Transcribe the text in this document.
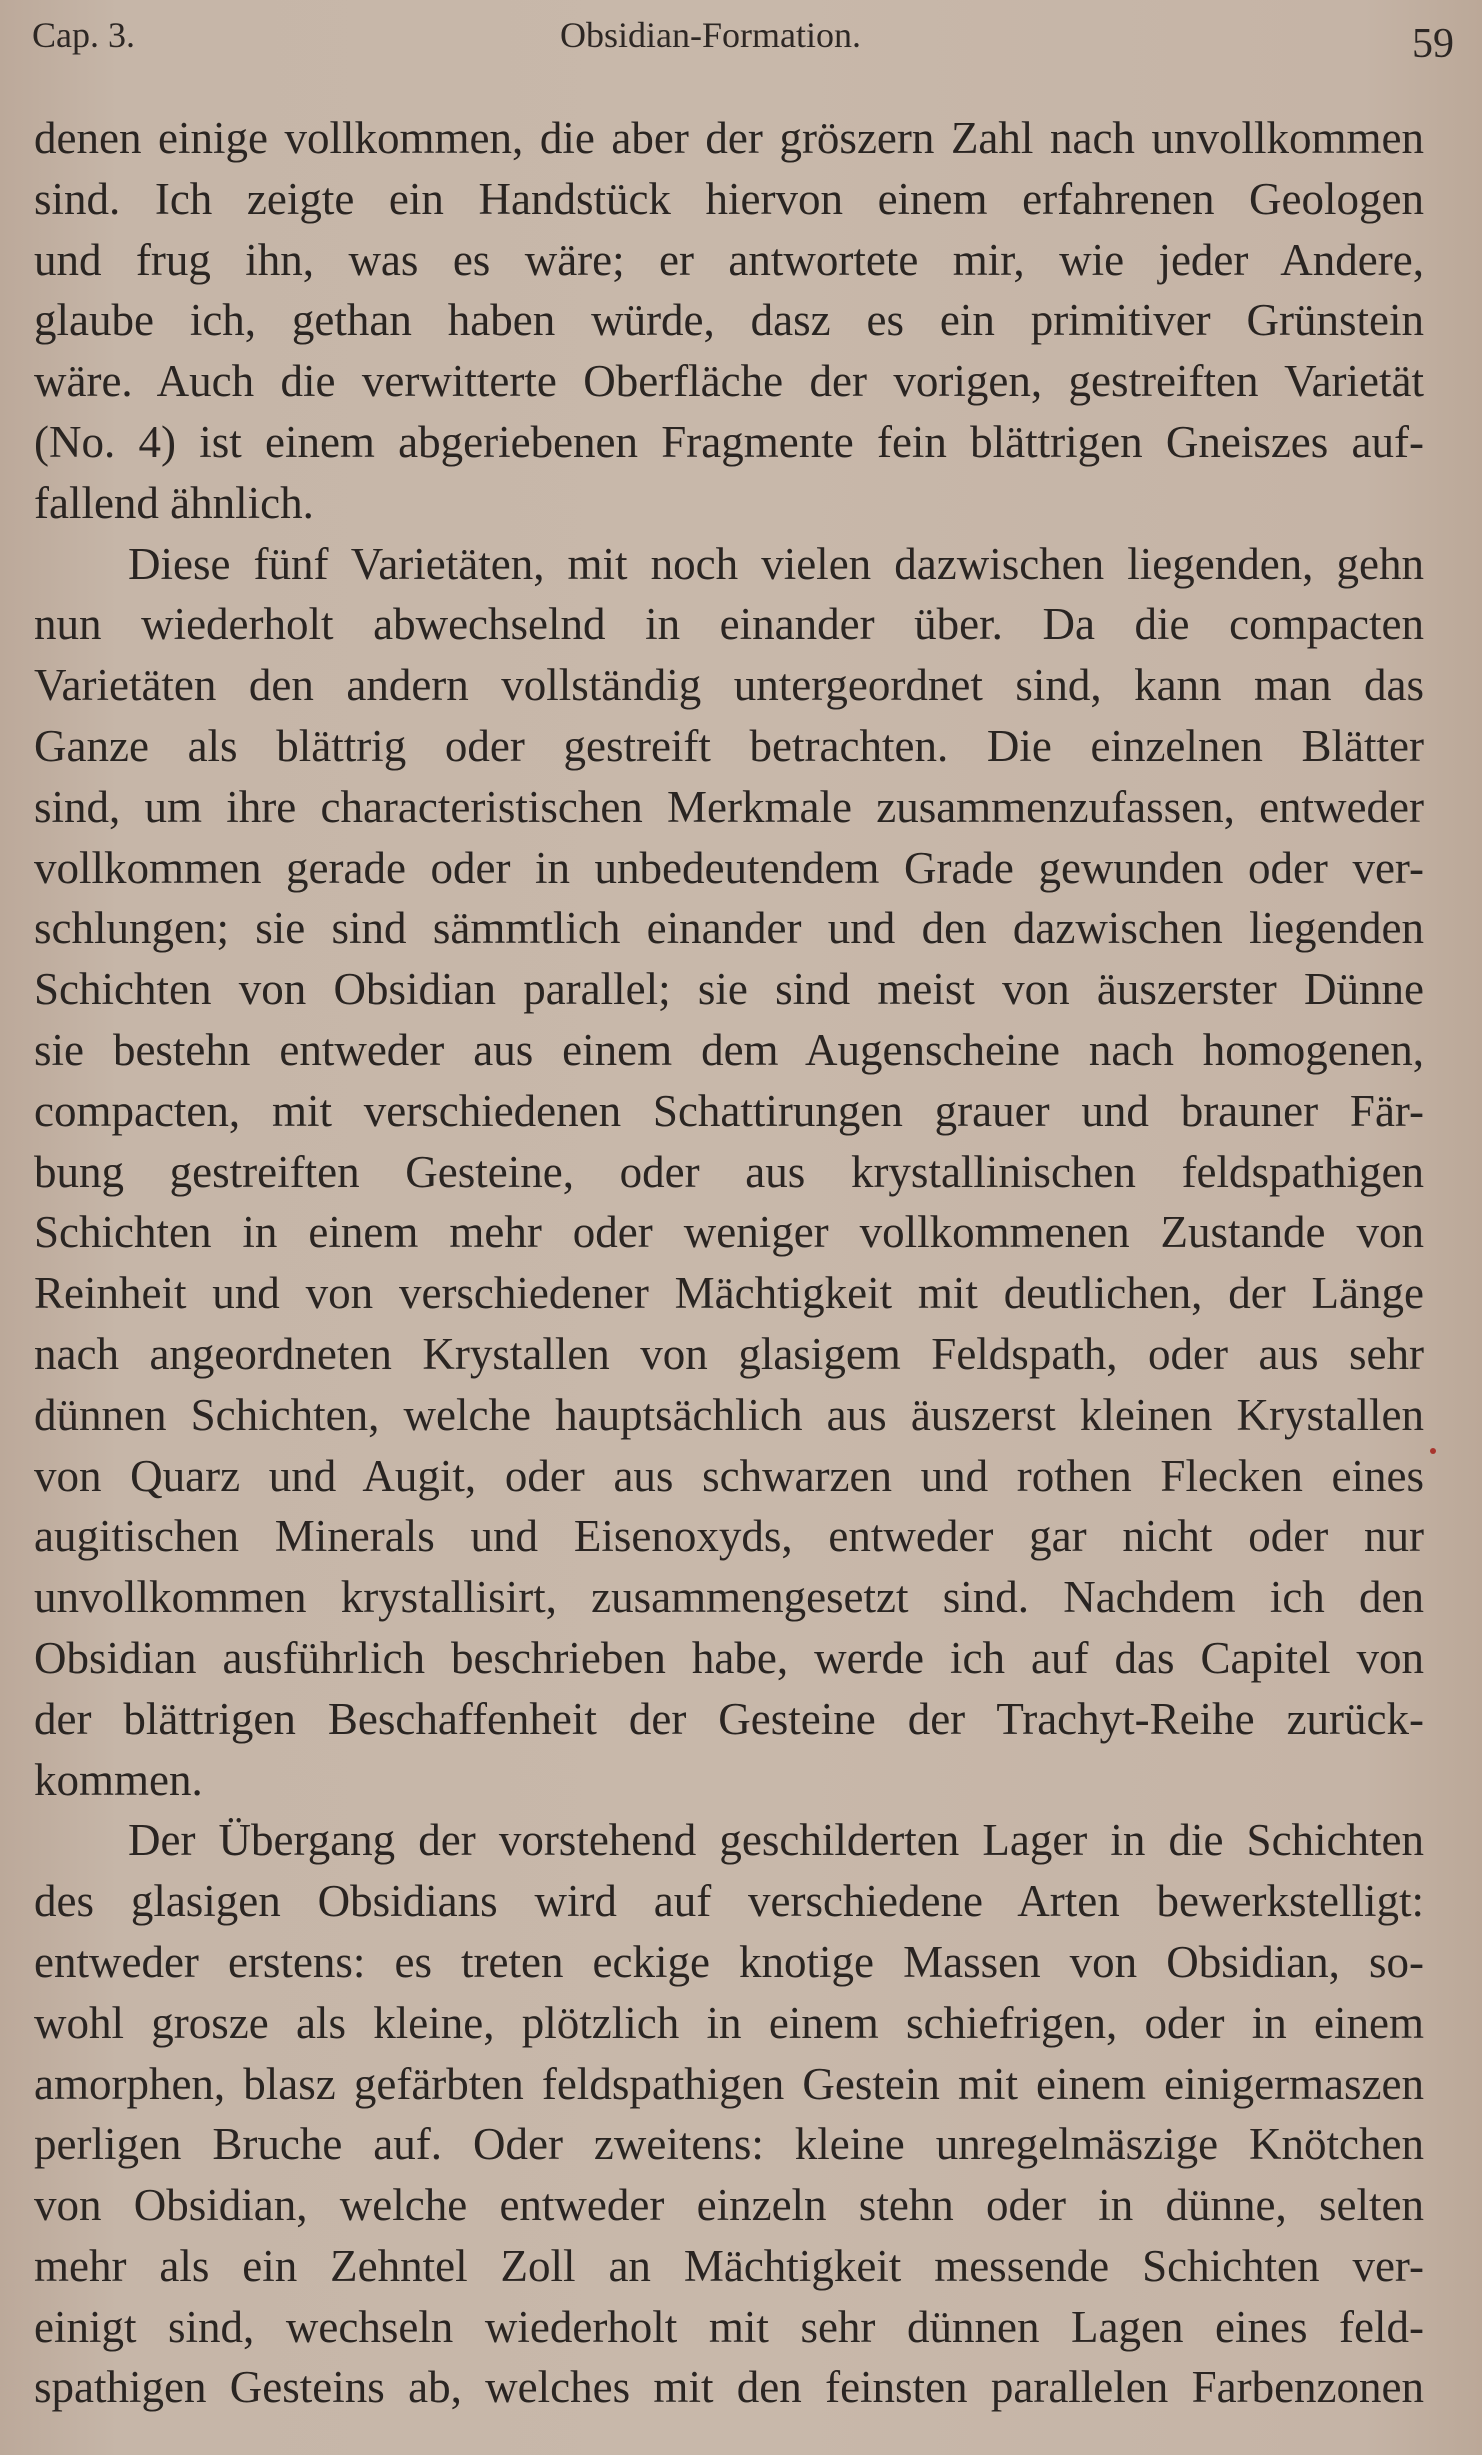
Cap. 3.	Obsidian-Formation.	59
denen einige vollkommen, die aber der gröszern Zahl nach unvollkommen
sind. Ich zeigte ein Handstück hiervon einem erfahrenen Geologen
und frug ihn, was es wäre; er antwortete mir, wie jeder Andere,
glaube ich, gethan haben würde, dasz es ein primitiver Grünstein
wäre. Auch die verwitterte Oberfläche der vorigen, gestreiften Varietät
(No. 4) ist einem abgeriebenen Fragmente fein blättrigen Gneiszes auf-
fallend ähnlich.
Diese fünf Varietäten, mit noch vielen dazwischen liegenden, gehn
nun wiederholt abwechselnd in einander über. Da die compacten
Varietäten den andern vollständig untergeordnet sind, kann man das
Ganze als blättrig oder gestreift betrachten. Die einzelnen Blätter
sind, um ihre characteristischen Merkmale zusammenzufassen, entweder
vollkommen gerade oder in unbedeutendem Grade gewunden oder ver-
schlungen; sie sind sämmtlich einander und den dazwischen liegenden
Schichten von Obsidian parallel; sie sind meist von äuszerster Dünne
sie bestehn entweder aus einem dem Augenscheine nach homogenen,
compacten, mit verschiedenen Schattirungen grauer und brauner Fär-
bung gestreiften Gesteine, oder aus krystallinischen feldspathigen
Schichten in einem mehr oder weniger vollkommenen Zustande von
Reinheit und von verschiedener Mächtigkeit mit deutlichen, der Länge
nach angeordneten Krystallen von glasigem Feldspath, oder aus sehr
dünnen Schichten, welche hauptsächlich aus äuszerst kleinen Krystallen
von Quarz und Augit, oder aus schwarzen und rothen Flecken eines
augitischen Minerals und Eisenoxyds, entweder gar nicht oder nur
unvollkommen krystallisirt, zusammengesetzt sind. Nachdem ich den
Obsidian ausführlich beschrieben habe, werde ich auf das Capitel von
der blättrigen Beschaffenheit der Gesteine der Trachyt-Reihe zurück-
kommen.
Der Übergang der vorstehend geschilderten Lager in die Schichten
des glasigen Obsidians wird auf verschiedene Arten bewerkstelligt:
entweder erstens: es treten eckige knotige Massen von Obsidian, so-
wohl grosze als kleine, plötzlich in einem schiefrigen, oder in einem
amorphen, blasz gefärbten feldspathigen Gestein mit einem einigermaszen
perligen Bruche auf. Oder zweitens: kleine unregelmäszige Knötchen
von Obsidian, welche entweder einzeln stehn oder in dünne, selten
mehr als ein Zehntel Zoll an Mächtigkeit messende Schichten ver-
einigt sind, wechseln wiederholt mit sehr dünnen Lagen eines feld-
spathigen Gesteins ab, welches mit den feinsten parallelen Farbenzonen
